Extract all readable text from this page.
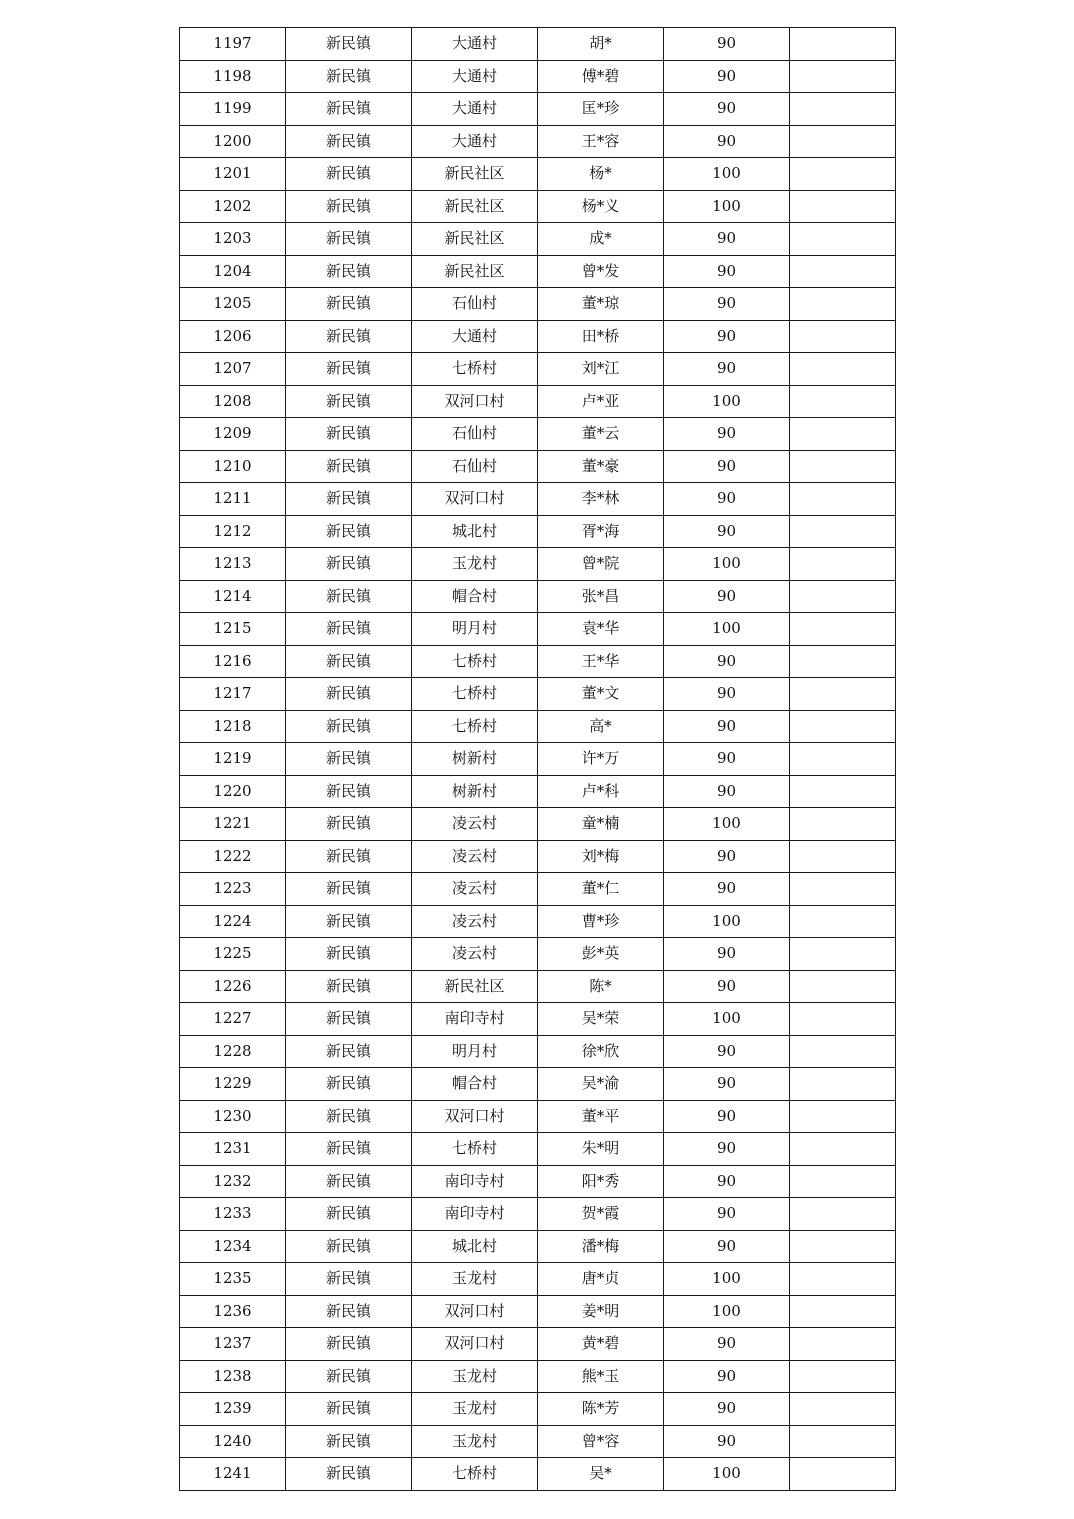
1197	新民镇	大通村	胡*	90	
1198	新民镇	大通村	傅*碧	90	
1199	新民镇	大通村	匡*珍	90	
1200	新民镇	大通村	王*容	90	
1201	新民镇	新民社区	杨*	100	
1202	新民镇	新民社区	杨*义	100	
1203	新民镇	新民社区	成*	90	
1204	新民镇	新民社区	曾*发	90	
1205	新民镇	石仙村	董*琼	90	
1206	新民镇	大通村	田*桥	90	
1207	新民镇	七桥村	刘*江	90	
1208	新民镇	双河口村	卢*亚	100	
1209	新民镇	石仙村	董*云	90	
1210	新民镇	石仙村	董*豪	90	
1211	新民镇	双河口村	李*林	90	
1212	新民镇	城北村	胥*海	90	
1213	新民镇	玉龙村	曾*院	100	
1214	新民镇	帽合村	张*昌	90	
1215	新民镇	明月村	袁*华	100	
1216	新民镇	七桥村	王*华	90	
1217	新民镇	七桥村	董*文	90	
1218	新民镇	七桥村	高*	90	
1219	新民镇	树新村	许*万	90	
1220	新民镇	树新村	卢*科	90	
1221	新民镇	凌云村	童*楠	100	
1222	新民镇	凌云村	刘*梅	90	
1223	新民镇	凌云村	董*仁	90	
1224	新民镇	凌云村	曹*珍	100	
1225	新民镇	凌云村	彭*英	90	
1226	新民镇	新民社区	陈*	90	
1227	新民镇	南印寺村	吴*荣	100	
1228	新民镇	明月村	徐*欣	90	
1229	新民镇	帽合村	吴*渝	90	
1230	新民镇	双河口村	董*平	90	
1231	新民镇	七桥村	朱*明	90	
1232	新民镇	南印寺村	阳*秀	90	
1233	新民镇	南印寺村	贺*霞	90	
1234	新民镇	城北村	潘*梅	90	
1235	新民镇	玉龙村	唐*贞	100	
1236	新民镇	双河口村	姜*明	100	
1237	新民镇	双河口村	黄*碧	90	
1238	新民镇	玉龙村	熊*玉	90	
1239	新民镇	玉龙村	陈*芳	90	
1240	新民镇	玉龙村	曾*容	90	
1241	新民镇	七桥村	吴*	100	
